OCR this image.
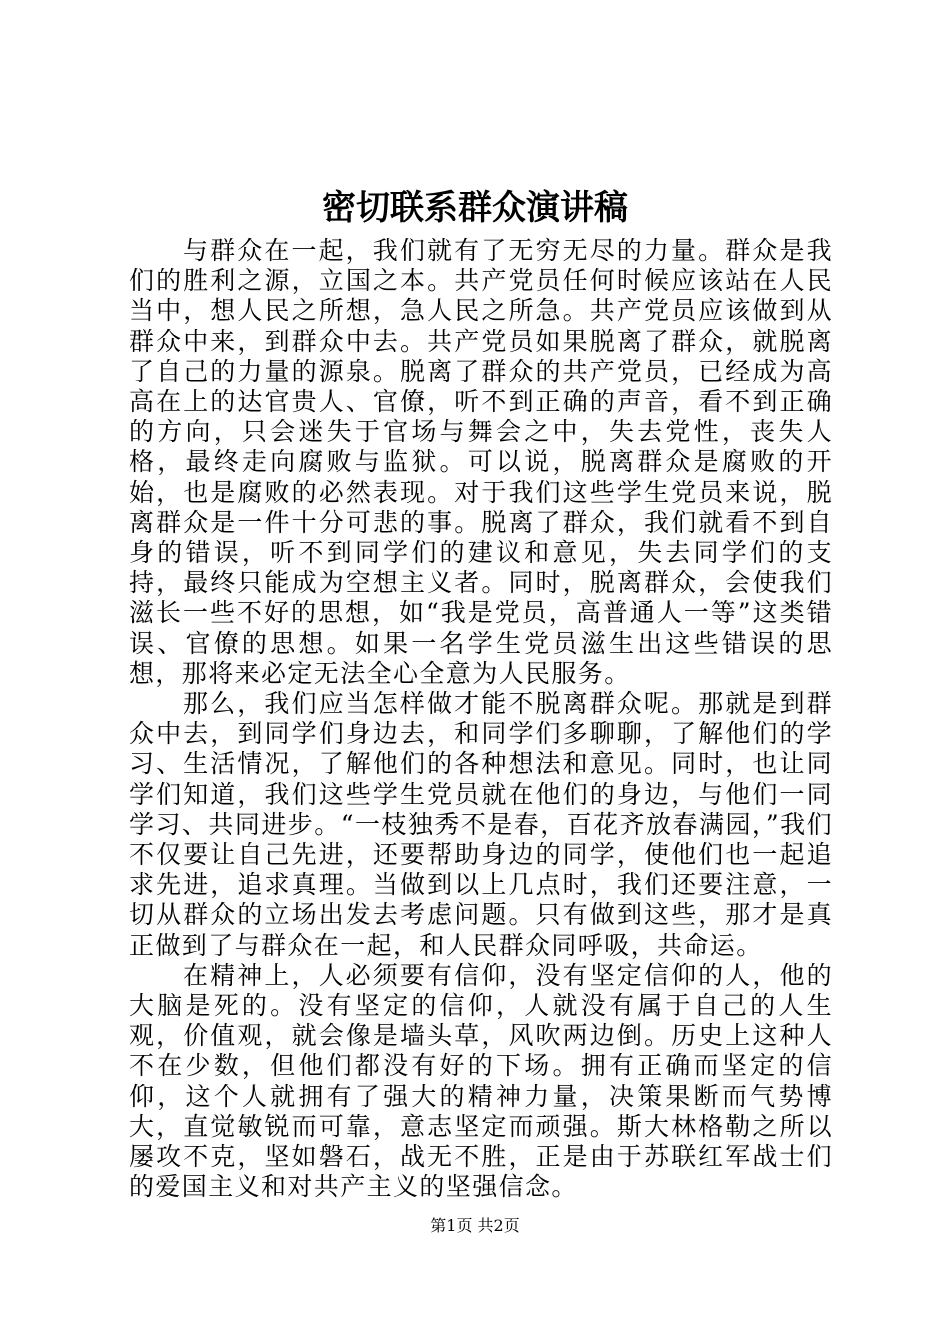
密切联系群众演讲稿

与群众在一起，我们就有了无穷无尽的力量。群众是我们的胜利之源，立国之本。共产党员任何时候应该站在人民当中，想人民之所想，急人民之所急。共产党员应该做到从群众中来，到群众中去。共产党员如果脱离了群众，就脱离了自己的力量的源泉。脱离了群众的共产党员，已经成为高高在上的达官贵人、官僚，听不到正确的声音，看不到正确的方向，只会迷失于官场与舞会之中，失去党性，丧失人格，最终走向腐败与监狱。可以说，脱离群众是腐败的开始，也是腐败的必然表现。对于我们这些学生党员来说，脱离群众是一件十分可悲的事。脱离了群众，我们就看不到自身的错误，听不到同学们的建议和意见，失去同学们的支持，最终只能成为空想主义者。同时，脱离群众，会使我们滋长一些不好的思想，如“我是党员，高普通人一等”这类错误、官僚的思想。如果一名学生党员滋生出这些错误的思想，那将来必定无法全心全意为人民服务。

那么，我们应当怎样做才能不脱离群众呢。那就是到群众中去，到同学们身边去，和同学们多聊聊，了解他们的学习、生活情况，了解他们的各种想法和意见。同时，也让同学们知道，我们这些学生党员就在他们的身边，与他们一同学习、共同进步。“一枝独秀不是春，百花齐放春满园，”我们不仅要让自己先进，还要帮助身边的同学，使他们也一起追求先进，追求真理。当做到以上几点时，我们还要注意，一切从群众的立场出发去考虑问题。只有做到这些，那才是真正做到了与群众在一起，和人民群众同呼吸，共命运。

在精神上，人必须要有信仰，没有坚定信仰的人，他的大脑是死的。没有坚定的信仰，人就没有属于自己的人生观，价值观，就会像是墙头草，风吹两边倒。历史上这种人不在少数，但他们都没有好的下场。拥有正确而坚定的信仰，这个人就拥有了强大的精神力量，决策果断而气势博大，直觉敏锐而可靠，意志坚定而顽强。斯大林格勒之所以屡攻不克，坚如磐石，战无不胜，正是由于苏联红军战士们的爱国主义和对共产主义的坚强信念。

第1页 共2页
